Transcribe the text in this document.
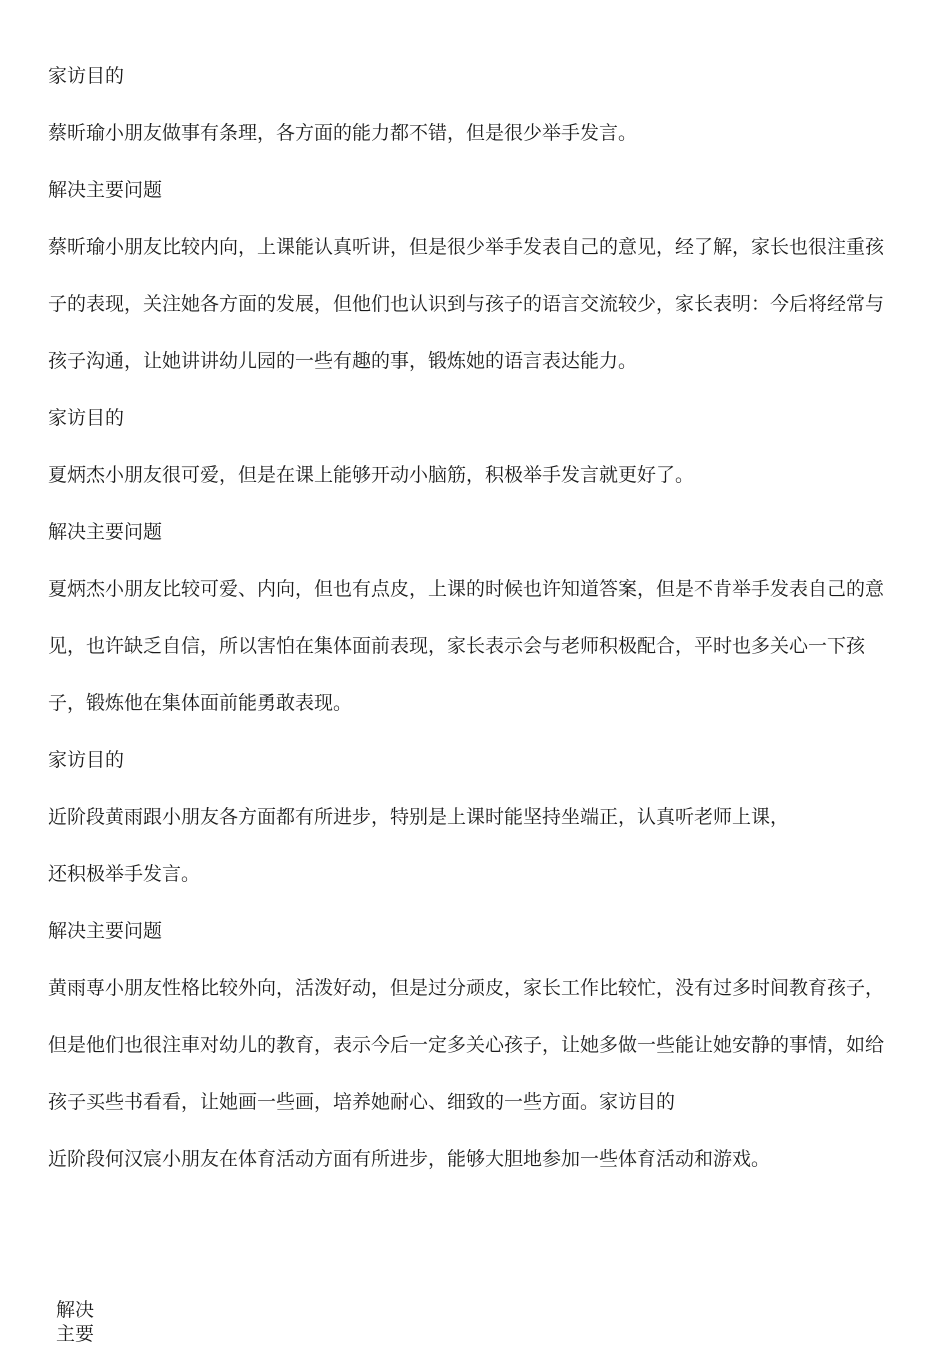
家访目的

蔡昕瑜小朋友做事有条理，各方面的能力都不错，但是很少举手发言。

解决主要问题

蔡昕瑜小朋友比较内向，上课能认真听讲，但是很少举手发表自己的意见，经了解，家长也很注重孩子的表现，关注她各方面的发展，但他们也认识到与孩子的语言交流较少，家长表明：今后将经常与孩子沟通，让她讲讲幼儿园的一些有趣的事，锻炼她的语言表达能力。

家访目的

夏炳杰小朋友很可爱，但是在课上能够开动小脑筋，积极举手发言就更好了。

解决主要问题

夏炳杰小朋友比较可爱、内向，但也有点皮，上课的时候也许知道答案，但是不肯举手发表自己的意见，也许缺乏自信，所以害怕在集体面前表现，家长表示会与老师积极配合，平时也多关心一下孩子，锻炼他在集体面前能勇敢表现。

家访目的

近阶段黄雨跟小朋友各方面都有所进步，特别是上课时能坚持坐端正，认真听老师上课，

还积极举手发言。

解决主要问题

黄雨専小朋友性格比较外向，活泼好动，但是过分顽皮，家长工作比较忙，没有过多时间教育孩子，但是他们也很注車对幼儿的教育，表示今后一定多关心孩子，让她多做一些能让她安静的事情，如给孩子买些书看看，让她画一些画，培养她耐心、细致的一些方面。家访目的

近阶段何汉宸小朋友在体育活动方面有所进步，能够大胆地参加一些体育活动和游戏。

解决主要
